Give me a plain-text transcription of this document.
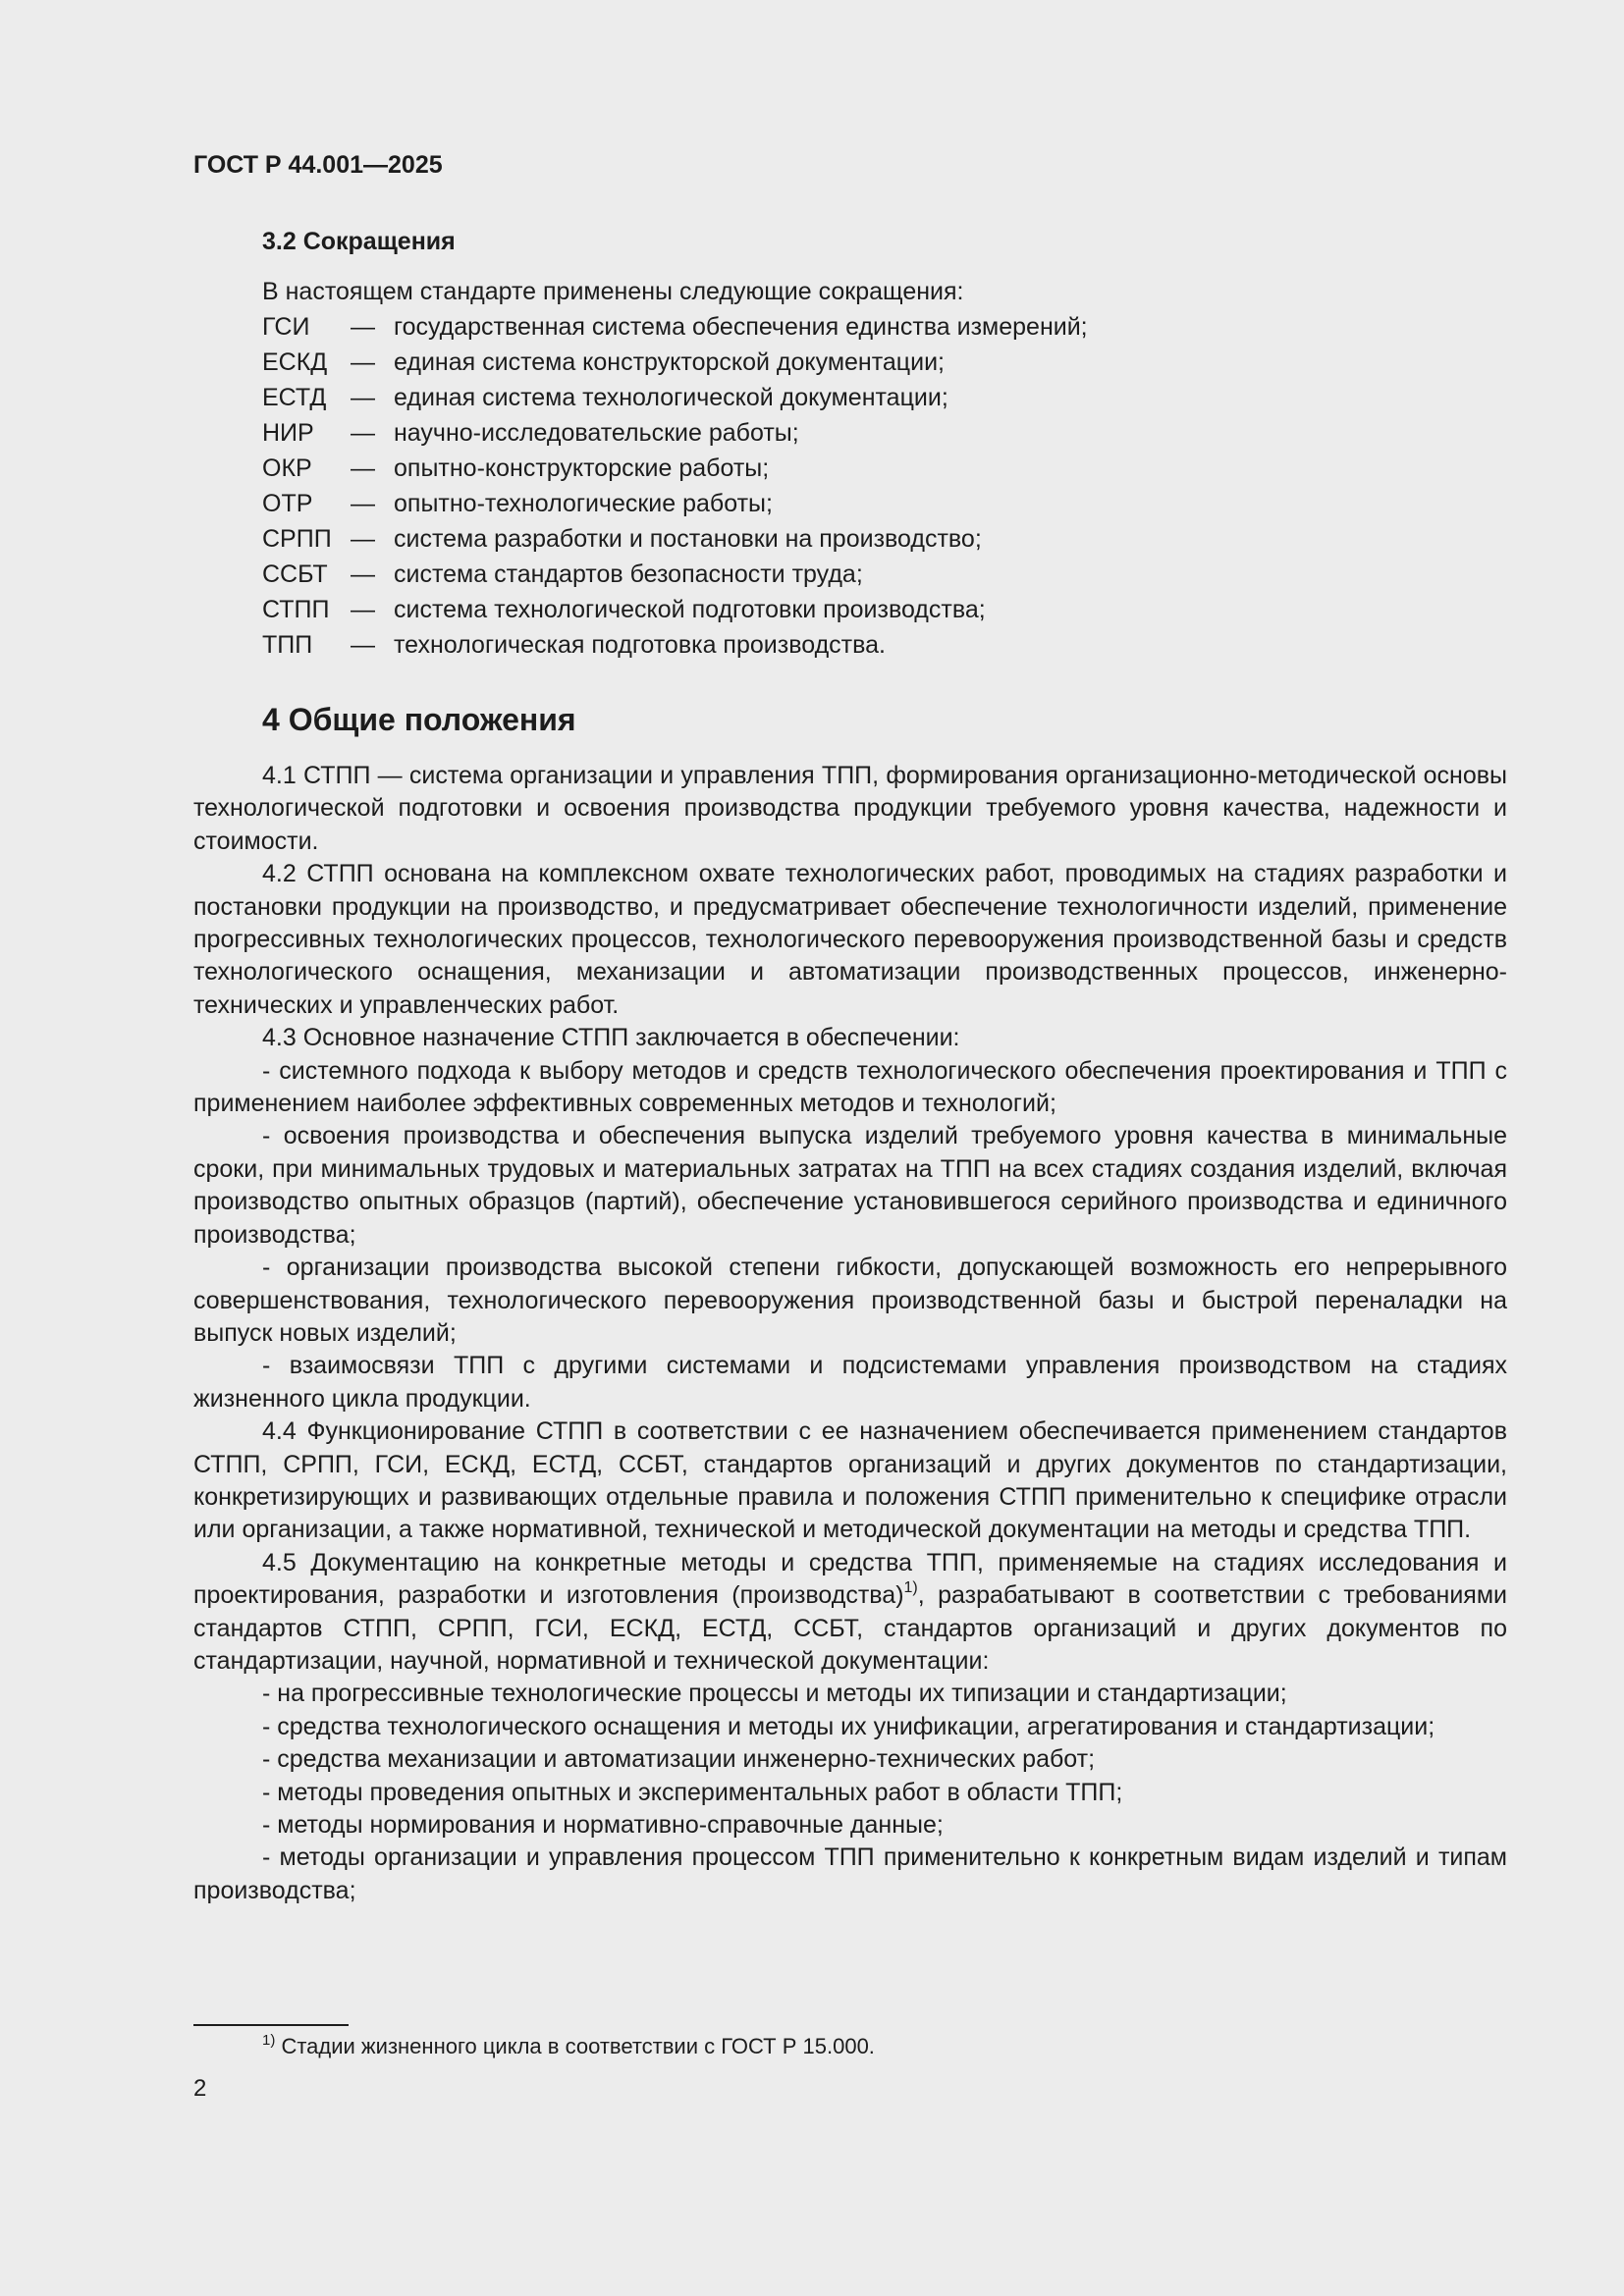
ГОСТ Р 44.001—2025
3.2 Сокращения

В настоящем стандарте применены следующие сокращения:

ГСИ	— государственная система обеспечения единства измерений;
ЕСКД — единая система конструкторской документации;
ЕСТД — единая система технологической документации;
НИР	— научно-исследовательские работы;
ОКР	— опытно-конструкторские работы;
ОТР	— опытно-технологические работы;
СРПП — система разработки и постановки на производство;
ССБТ — система стандартов безопасности труда;
СТПП — система технологической подготовки производства;
ТПП	— технологическая подготовка производства.
4 Общие положения

4.1 СТПП — система организации и управления ТПП, формирования организационно-методической основы технологической подготовки и освоения производства продукции требуемого уровня качества, надежности и стоимости.

4.2 СТПП основана на комплексном охвате технологических работ, проводимых на стадиях разработки и постановки продукции на производство, и предусматривает обеспечение технологичности изделий, применение прогрессивных технологических процессов, технологического перевооружения производственной базы и средств технологического оснащения, механизации и автоматизации производственных процессов, инженерно-технических и управленческих работ.

4.3 Основное назначение СТПП заключается в обеспечении:

- системного подхода к выбору методов и средств технологического обеспечения проектирования и ТПП с применением наиболее эффективных современных методов и технологий;

- освоения производства и обеспечения выпуска изделий требуемого уровня качества в минимальные сроки, при минимальных трудовых и материальных затратах на ТПП на всех стадиях создания изделий, включая производство опытных образцов (партий), обеспечение установившегося серийного производства и единичного производства;

- организации производства высокой степени гибкости, допускающей возможность его непрерывного совершенствования, технологического перевооружения производственной базы и быстрой переналадки на выпуск новых изделий;

- взаимосвязи ТПП с другими системами и подсистемами управления производством на стадиях жизненного цикла продукции.

4.4 Функционирование СТПП в соответствии с ее назначением обеспечивается применением стандартов СТПП, СРПП, ГСИ, ЕСКД, ЕСТД, ССБТ, стандартов организаций и других документов по стандартизации, конкретизирующих и развивающих отдельные правила и положения СТПП применительно к специфике отрасли или организации, а также нормативной, технической и методической документации на методы и средства ТПП.

4.5 Документацию на конкретные методы и средства ТПП, применяемые на стадиях исследования и проектирования, разработки и изготовления (производства)$^{1)}$, разрабатывают в соответствии с требованиями стандартов СТПП, СРПП, ГСИ, ЕСКД, ЕСТД, ССБТ, стандартов организаций и других документов по стандартизации, научной, нормативной и технической документации:

- на прогрессивные технологические процессы и методы их типизации и стандартизации;

- средства технологического оснащения и методы их унификации, агрегатирования и стандартизации;

- средства механизации и автоматизации инженерно-технических работ;

- методы проведения опытных и экспериментальных работ в области ТПП;

- методы нормирования и нормативно-справочные данные;

- методы организации и управления процессом ТПП применительно к конкретным видам изделий и типам производства;

$^{1)}$ Стадии жизненного цикла в соответствии с ГОСТ Р 15.000.
2
